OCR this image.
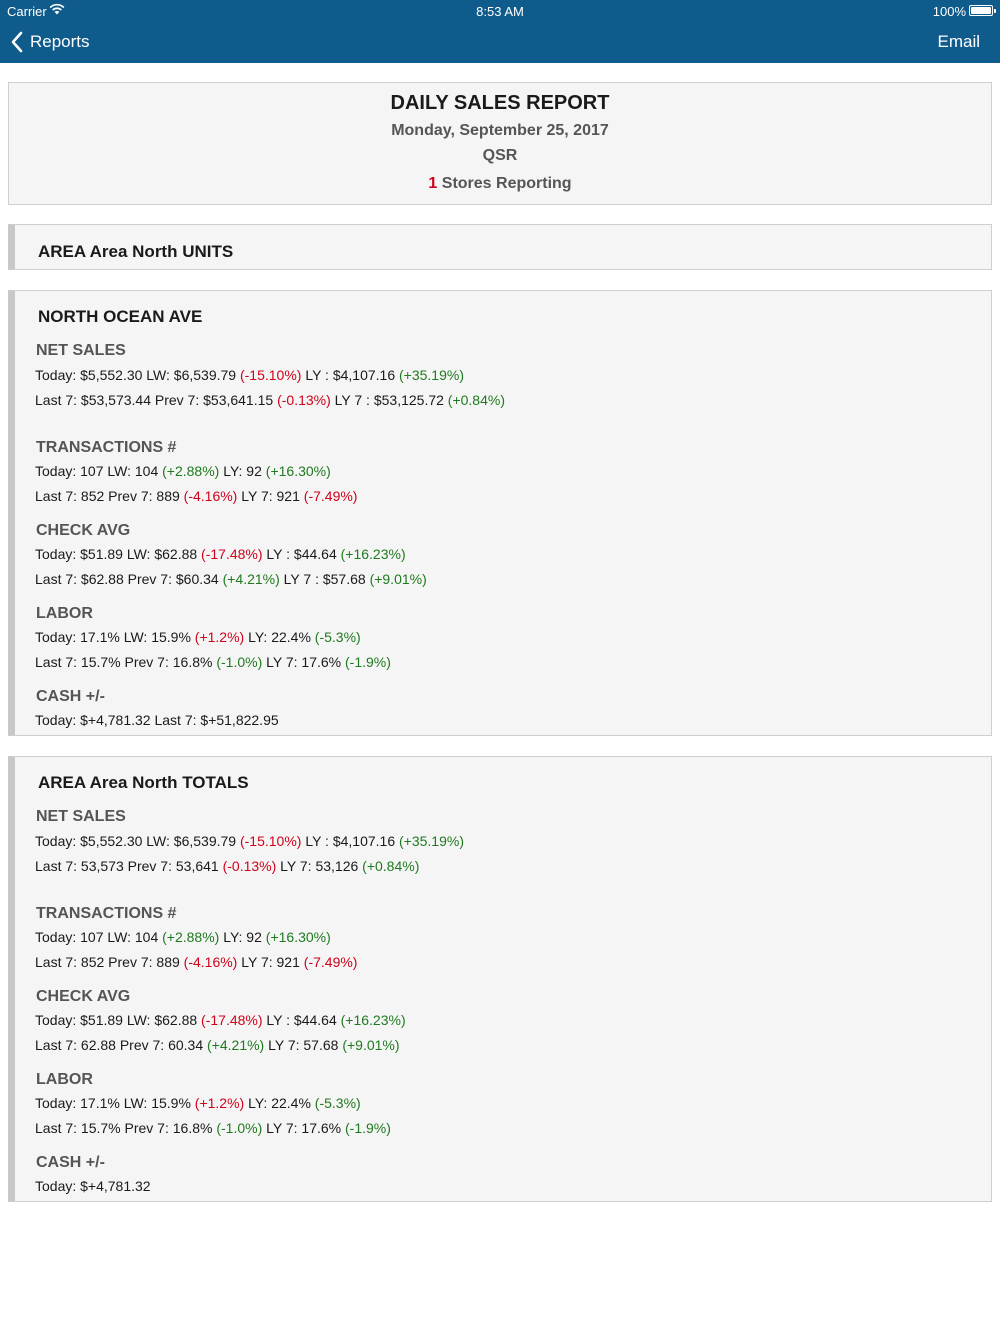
Carrier	8:53 AM	100%
Reports	Email
DAILY SALES REPORT
Monday, September 25, 2017
QSR
1 Stores Reporting
AREA Area North UNITS
NORTH OCEAN AVE
NET SALES
Today: $5,552.30 LW: $6,539.79 (-15.10%) LY : $4,107.16 (+35.19%)
Last 7: $53,573.44 Prev 7: $53,641.15 (-0.13%) LY 7 : $53,125.72 (+0.84%)
TRANSACTIONS #
Today: 107 LW: 104 (+2.88%) LY: 92 (+16.30%)
Last 7: 852 Prev 7: 889 (-4.16%) LY 7: 921 (-7.49%)
CHECK AVG
Today: $51.89 LW: $62.88 (-17.48%) LY : $44.64 (+16.23%)
Last 7: $62.88 Prev 7: $60.34 (+4.21%) LY 7 : $57.68 (+9.01%)
LABOR
Today: 17.1% LW: 15.9% (+1.2%) LY: 22.4% (-5.3%)
Last 7: 15.7% Prev 7: 16.8% (-1.0%) LY 7: 17.6% (-1.9%)
CASH +/-
Today: $+4,781.32 Last 7: $+51,822.95
AREA Area North TOTALS
NET SALES
Today: $5,552.30 LW: $6,539.79 (-15.10%) LY : $4,107.16 (+35.19%)
Last 7: 53,573 Prev 7: 53,641 (-0.13%) LY 7: 53,126 (+0.84%)
TRANSACTIONS #
Today: 107 LW: 104 (+2.88%) LY: 92 (+16.30%)
Last 7: 852 Prev 7: 889 (-4.16%) LY 7: 921 (-7.49%)
CHECK AVG
Today: $51.89 LW: $62.88 (-17.48%) LY : $44.64 (+16.23%)
Last 7: 62.88 Prev 7: 60.34 (+4.21%) LY 7: 57.68 (+9.01%)
LABOR
Today: 17.1% LW: 15.9% (+1.2%) LY: 22.4% (-5.3%)
Last 7: 15.7% Prev 7: 16.8% (-1.0%) LY 7: 17.6% (-1.9%)
CASH +/-
Today: $+4,781.32
